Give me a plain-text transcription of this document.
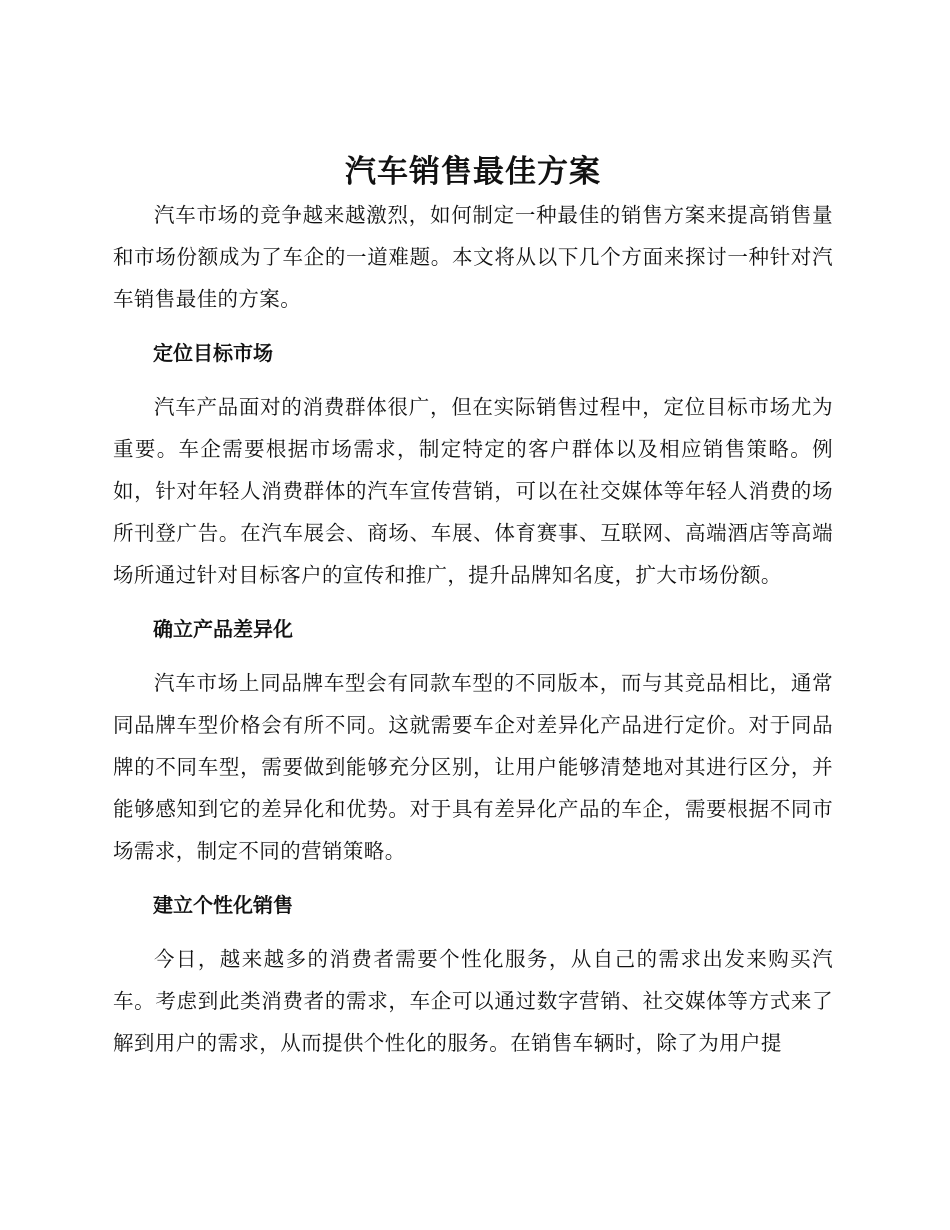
汽车销售最佳方案

汽车市场的竞争越来越激烈，如何制定一种最佳的销售方案来提高销售量和市场份额成为了车企的一道难题。本文将从以下几个方面来探讨一种针对汽车销售最佳的方案。

定位目标市场

汽车产品面对的消费群体很广，但在实际销售过程中，定位目标市场尤为重要。车企需要根据市场需求，制定特定的客户群体以及相应销售策略。例如，针对年轻人消费群体的汽车宣传营销，可以在社交媒体等年轻人消费的场所刊登广告。在汽车展会、商场、车展、体育赛事、互联网、高端酒店等高端场所通过针对目标客户的宣传和推广，提升品牌知名度，扩大市场份额。

确立产品差异化

汽车市场上同品牌车型会有同款车型的不同版本，而与其竞品相比，通常同品牌车型价格会有所不同。这就需要车企对差异化产品进行定价。对于同品牌的不同车型，需要做到能够充分区别，让用户能够清楚地对其进行区分，并能够感知到它的差异化和优势。对于具有差异化产品的车企，需要根据不同市场需求，制定不同的营销策略。

建立个性化销售

今日，越来越多的消费者需要个性化服务，从自己的需求出发来购买汽车。考虑到此类消费者的需求，车企可以通过数字营销、社交媒体等方式来了解到用户的需求，从而提供个性化的服务。在销售车辆时，除了为用户提
